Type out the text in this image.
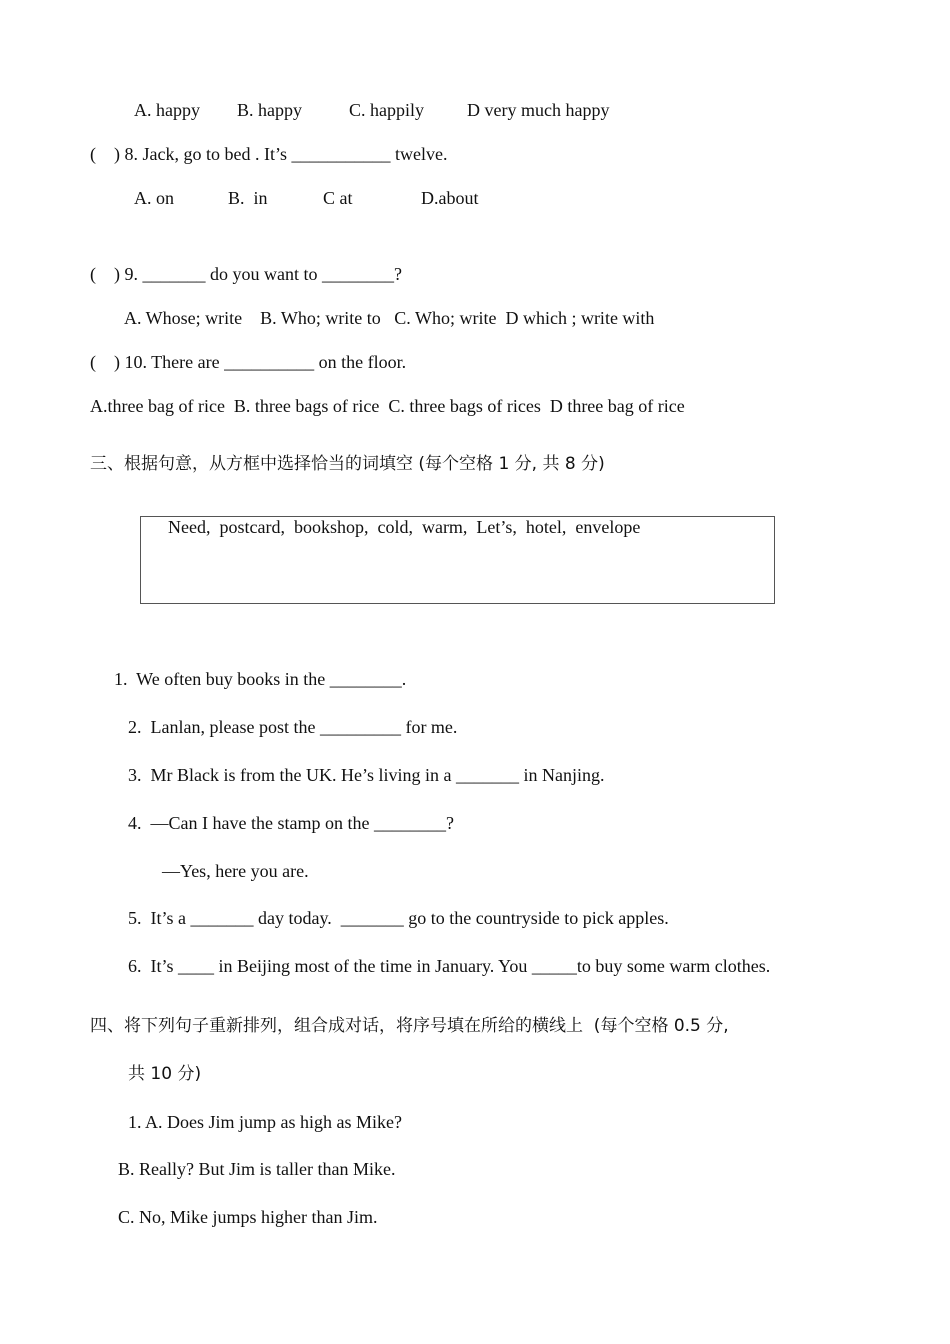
A. happy B. happy	C. happily D very much happy
(    ) 8. Jack, go to bed . It’s ___________ twelve.
A. on	B.  in	C at	D.about
(    ) 9. _______ do you want to ________?
A. Whose; write    B. Who; write to   C. Who; write  D which ; write with
(    ) 10. There are __________ on the floor.
A.three bag of rice  B. three bags of rice  C. three bags of rices  D three bag of rice
三、根据句意，从方框中选择恰当的词填空 (每个空格 1 分, 共 8 分)
Need,  postcard,  bookshop,  cold,  warm,  Let’s,  hotel,  envelope
1.  We often buy books in the ________.
2.  Lanlan, please post the _________ for me.
3.  Mr Black is from the UK. He’s living in a _______ in Nanjing.
4.  —Can I have the stamp on the ________?
—Yes, here you are.
5.  It’s a _______ day today.  _______ go to the countryside to pick apples.
6.  It’s ____ in Beijing most of the time in January. You _____to buy some warm clothes.
四、将下列句子重新排列，组合成对话，将序号填在所给的横线上  (每个空格 0.5 分,
共 10 分)
1. A. Does Jim jump as high as Mike?
B. Really? But Jim is taller than Mike.
C. No, Mike jumps higher than Jim.
